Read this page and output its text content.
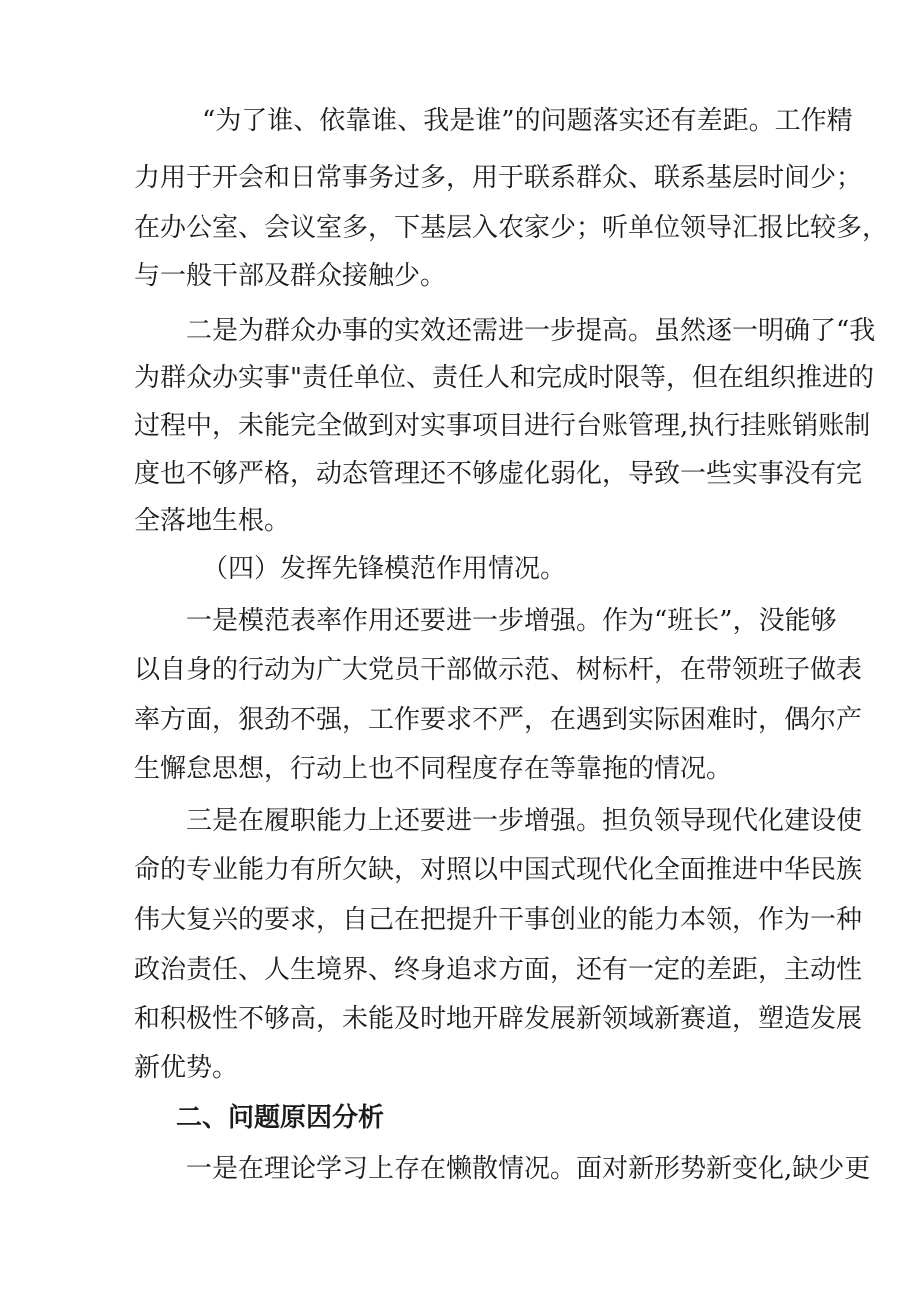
“为了谁、依靠谁、我是谁”的问题落实还有差距。工作精
力用于开会和日常事务过多，用于联系群众、联系基层时间少；
在办公室、会议室多，下基层入农家少；听单位领导汇报比较多，
与一般干部及群众接触少。
二是为群众办事的实效还需进一步提高。虽然逐一明确了“我
为群众办实事"责任单位、责任人和完成时限等，但在组织推进的
过程中，未能完全做到对实事项目进行台账管理,执行挂账销账制
度也不够严格，动态管理还不够虚化弱化，导致一些实事没有完
全落地生根。
（四）发挥先锋模范作用情况。
一是模范表率作用还要进一步增强。作为“班长”，没能够
以自身的行动为广大党员干部做示范、树标杆，在带领班子做表
率方面，狠劲不强，工作要求不严，在遇到实际困难时，偶尔产
生懈怠思想，行动上也不同程度存在等靠拖的情况。
三是在履职能力上还要进一步增强。担负领导现代化建设使
命的专业能力有所欠缺，对照以中国式现代化全面推进中华民族
伟大复兴的要求，自己在把提升干事创业的能力本领，作为一种
政治责任、人生境界、终身追求方面，还有一定的差距，主动性
和积极性不够高，未能及时地开辟发展新领域新赛道，塑造发展
新优势。
二、问题原因分析
一是在理论学习上存在懒散情况。面对新形势新变化,缺少更
